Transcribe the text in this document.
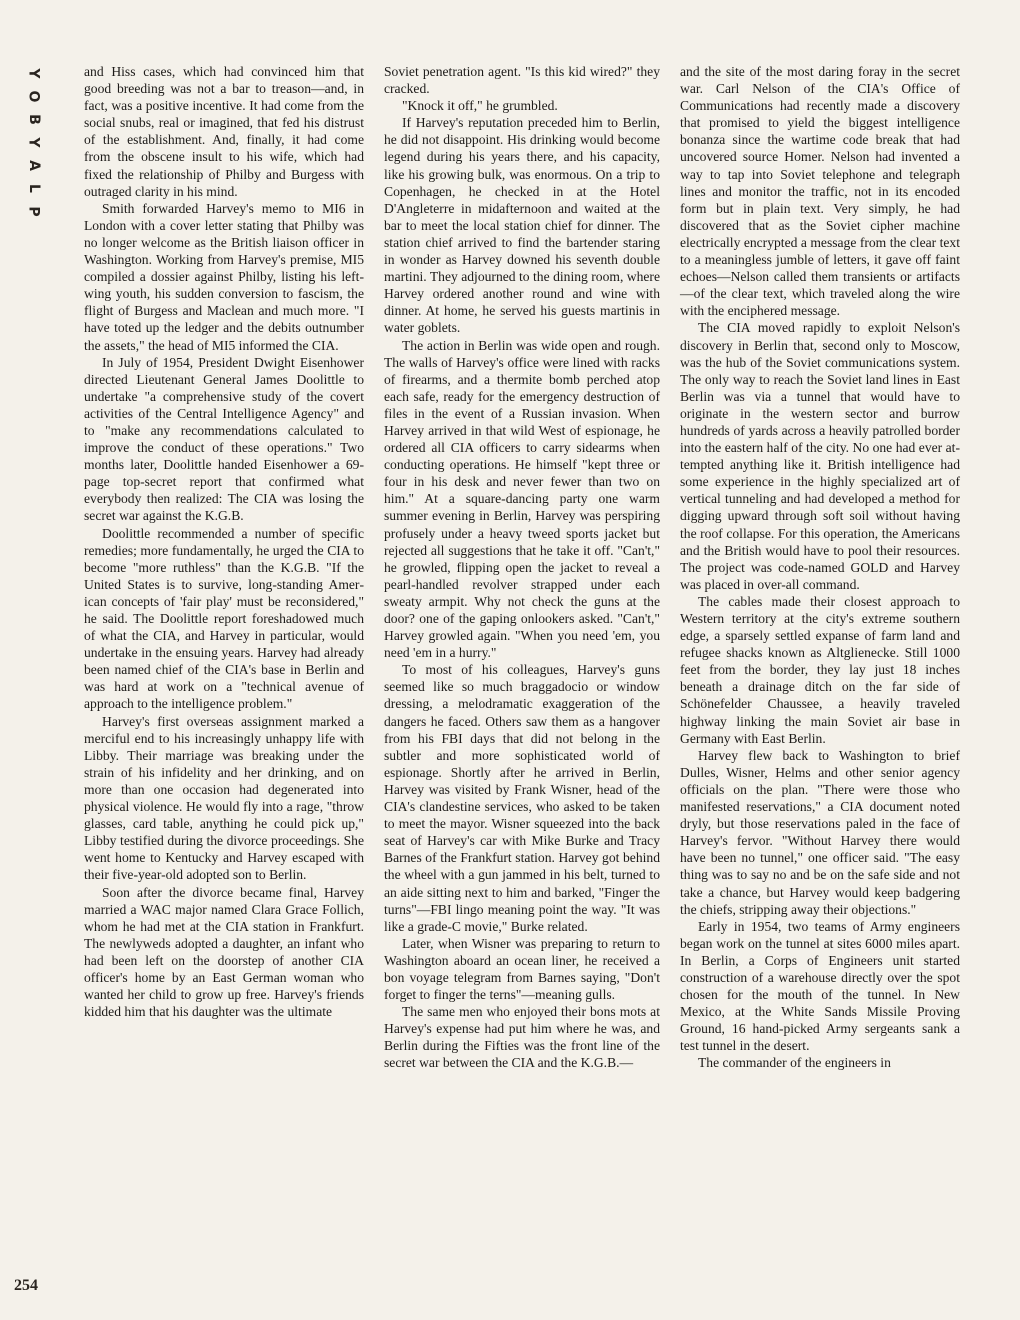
Y
O
B
Y
A
L
P
254

and Hiss cases, which had convinced him that good breeding was not a bar to treason—and, in fact, was a positive incentive. It had come from the social snubs, real or imagined, that fed his distrust of the establishment. And, finally, it had come from the obscene insult to his wife, which had fixed the relationship of Philby and Burgess with outraged clarity in his mind.

Smith forwarded Harvey's memo to MI6 in London with a cover letter stating that Philby was no longer welcome as the British liaison officer in Washington. Working from Harvey's premise, MI5 compiled a dossier against Philby, listing his left-wing youth, his sudden conversion to fascism, the flight of Burgess and Maclean and much more. "I have toted up the ledger and the debits outnumber the assets," the head of MI5 informed the CIA.

In July of 1954, President Dwight Eisenhower directed Lieutenant General James Doolittle to undertake "a comprehensive study of the covert activities of the Central Intelligence Agency" and to "make any recommendations calculated to improve the conduct of these operations." Two months later, Doolittle handed Eisenhower a 69-page top-secret report that confirmed what everybody then realized: The CIA was losing the secret war against the K.G.B.

Doolittle recommended a number of specific remedies; more fundamentally, he urged the CIA to become "more ruthless" than the K.G.B. "If the United States is to survive, long-standing American concepts of 'fair play' must be reconsidered," he said. The Doolittle report foreshadowed much of what the CIA, and Harvey in particular, would undertake in the ensuing years. Harvey had already been named chief of the CIA's base in Berlin and was hard at work on a "technical avenue of approach to the intelligence problem."

Harvey's first overseas assignment marked a merciful end to his increasingly unhappy life with Libby. Their marriage was breaking under the strain of his infidelity and her drinking, and on more than one occasion had degenerated into physical violence. He would fly into a rage, "throw glasses, card table, anything he could pick up," Libby testified during the divorce proceedings. She went home to Kentucky and Harvey escaped with their five-year-old adopted son to Berlin.

Soon after the divorce became final, Harvey married a WAC major named Clara Grace Follich, whom he had met at the CIA station in Frankfurt. The newlyweds adopted a daughter, an infant who had been left on the doorstep of another CIA officer's home by an East German woman who wanted her child to grow up free. Harvey's friends kidded him that his daughter was the ultimate

Soviet penetration agent. "Is this kid wired?" they cracked.

"Knock it off," he grumbled.

If Harvey's reputation preceded him to Berlin, he did not disappoint. His drinking would become legend during his years there, and his capacity, like his growing bulk, was enormous. On a trip to Copenhagen, he checked in at the Hotel D'Angleterre in midafternoon and waited at the bar to meet the local station chief for dinner. The station chief arrived to find the bartender staring in wonder as Harvey downed his seventh double martini. They adjourned to the dining room, where Harvey ordered another round and wine with dinner. At home, he served his guests martinis in water goblets.

The action in Berlin was wide open and rough. The walls of Harvey's office were lined with racks of firearms, and a thermite bomb perched atop each safe, ready for the emergency destruction of files in the event of a Russian invasion. When Harvey arrived in that wild West of espionage, he ordered all CIA officers to carry sidearms when conducting operations. He himself "kept three or four in his desk and never fewer than two on him." At a square-dancing party one warm summer evening in Berlin, Harvey was perspiring profusely under a heavy tweed sports jacket but rejected all suggestions that he take it off. "Can't," he growled, flipping open the jacket to reveal a pearl-handled revolver strapped under each sweaty armpit. Why not check the guns at the door? one of the gaping onlookers asked. "Can't," Harvey growled again. "When you need 'em, you need 'em in a hurry."

To most of his colleagues, Harvey's guns seemed like so much braggadocio or window dressing, a melodramatic exaggeration of the dangers he faced. Others saw them as a hangover from his FBI days that did not belong in the subtler and more sophisticated world of espionage. Shortly after he arrived in Berlin, Harvey was visited by Frank Wisner, head of the CIA's clandestine services, who asked to be taken to meet the mayor. Wisner squeezed into the back seat of Harvey's car with Mike Burke and Tracy Barnes of the Frankfurt station. Harvey got behind the wheel with a gun jammed in his belt, turned to an aide sitting next to him and barked, "Finger the turns"—FBI lingo meaning point the way. "It was like a grade-C movie," Burke related.

Later, when Wisner was preparing to return to Washington aboard an ocean liner, he received a bon voyage telegram from Barnes saying, "Don't forget to finger the terns"—meaning gulls.

The same men who enjoyed their bons mots at Harvey's expense had put him where he was, and Berlin during the Fifties was the front line of the secret war between the CIA and the K.G.B.—

and the site of the most daring foray in the secret war. Carl Nelson of the CIA's Office of Communications had recently made a discovery that promised to yield the biggest intelligence bonanza since the wartime code break that had uncovered source Homer. Nelson had invented a way to tap into Soviet telephone and telegraph lines and monitor the traffic, not in its encoded form but in plain text. Very simply, he had discovered that as the Soviet cipher machine electrically encrypted a message from the clear text to a meaningless jumble of letters, it gave off faint echoes—Nelson called them transients or artifacts—of the clear text, which traveled along the wire with the enciphered message.

The CIA moved rapidly to exploit Nelson's discovery in Berlin that, second only to Moscow, was the hub of the Soviet communications system. The only way to reach the Soviet land lines in East Berlin was via a tunnel that would have to originate in the western sector and burrow hundreds of yards across a heavily patrolled border into the eastern half of the city. No one had ever attempted anything like it. British intelligence had some experience in the highly specialized art of vertical tunneling and had developed a method for digging upward through soft soil without having the roof collapse. For this operation, the Americans and the British would have to pool their resources. The project was code-named GOLD and Harvey was placed in over-all command.

The cables made their closest approach to Western territory at the city's extreme southern edge, a sparsely settled expanse of farm land and refugee shacks known as Altglienecke. Still 1000 feet from the border, they lay just 18 inches beneath a drainage ditch on the far side of Schönefelder Chaussee, a heavily traveled highway linking the main Soviet air base in Germany with East Berlin.

Harvey flew back to Washington to brief Dulles, Wisner, Helms and other senior agency officials on the plan. "There were those who manifested reservations," a CIA document noted dryly, but those reservations paled in the face of Harvey's fervor. "Without Harvey there would have been no tunnel," one officer said. "The easy thing was to say no and be on the safe side and not take a chance, but Harvey would keep badgering the chiefs, stripping away their objections."

Early in 1954, two teams of Army engineers began work on the tunnel at sites 6000 miles apart. In Berlin, a Corps of Engineers unit started construction of a warehouse directly over the spot chosen for the mouth of the tunnel. In New Mexico, at the White Sands Missile Proving Ground, 16 hand-picked Army sergeants sank a test tunnel in the desert.

The commander of the engineers in
